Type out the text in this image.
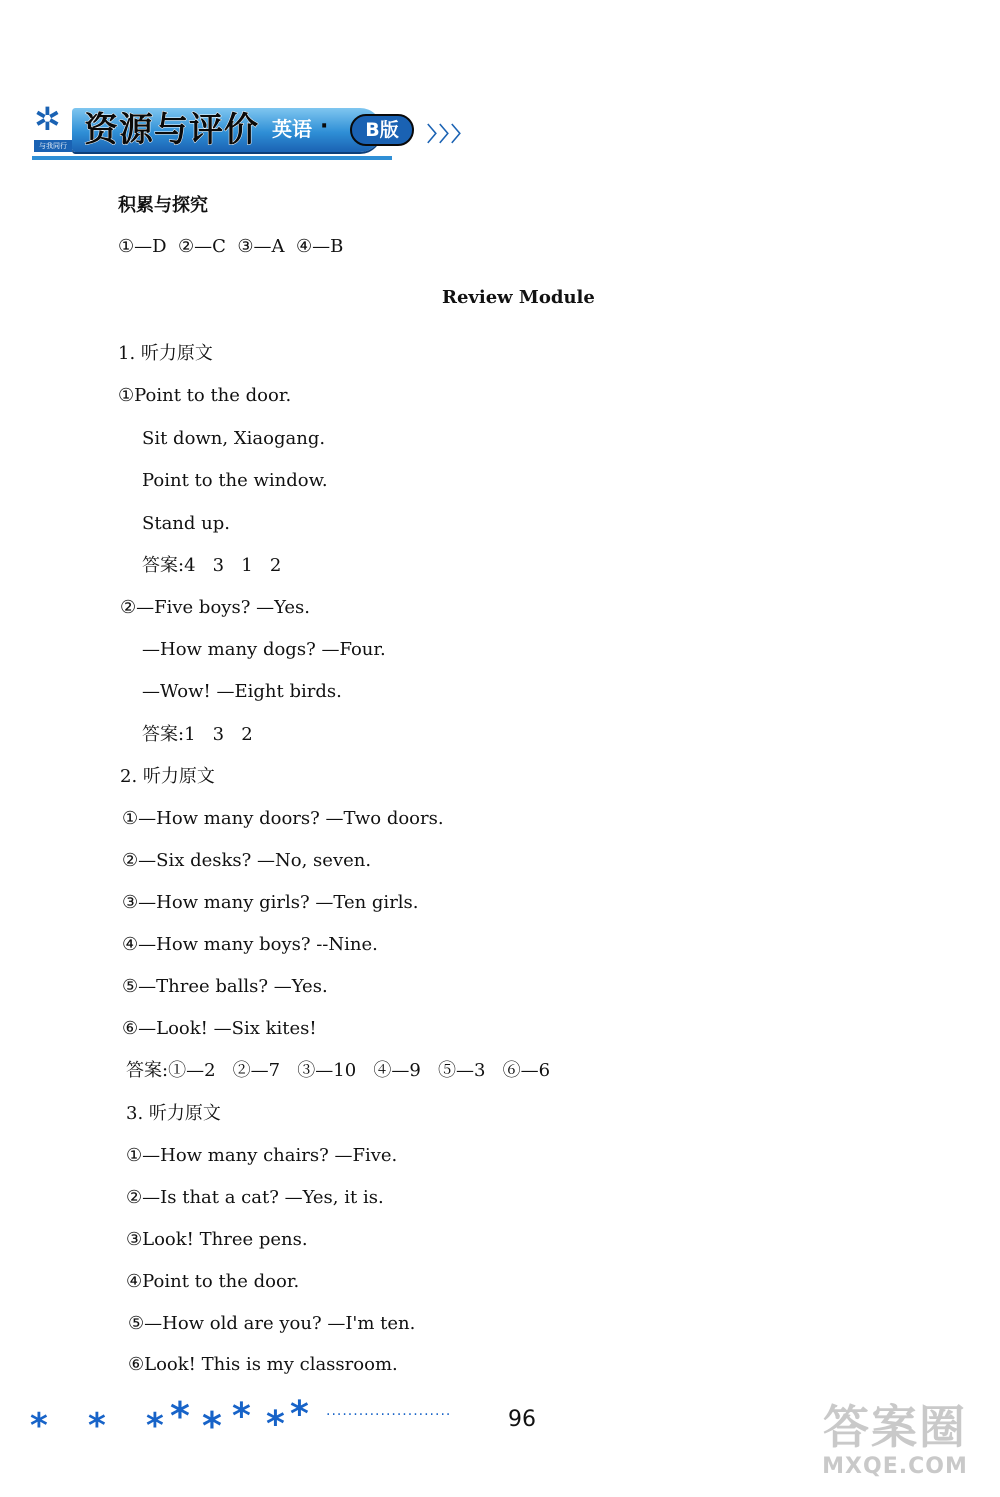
✲
与我同行 资源与评价 英语 ·	B版	〉〉〉
积累与探究
①—D  ②—C  ③—A  ④—B
Review Module
1. 听力原文
①Point to the door.
Sit down, Xiaogang.
Point to the window.
Stand up.
答案:4   3   1   2
②—Five boys? —Yes.
—How many dogs? —Four.
—Wow! —Eight birds.
答案:1   3   2
2. 听力原文
①—How many doors? —Two doors.
②—Six desks? —No, seven.
③—How many girls? —Ten girls.
④—How many boys? --Nine.
⑤—Three balls? —Yes.
⑥—Look! —Six kites!
答案:①—2   ②—7   ③—10   ④—9   ⑤—3   ⑥—6
3. 听力原文
①—How many chairs? —Five.
②—Is that a cat? —Yes, it is.
③Look! Three pens.
④Point to the door.
⑤—How old are you? —I'm ten.
⑥Look! This is my classroom.
* * * * * * * * ·······················	96	答案圈
MXQE.COM
